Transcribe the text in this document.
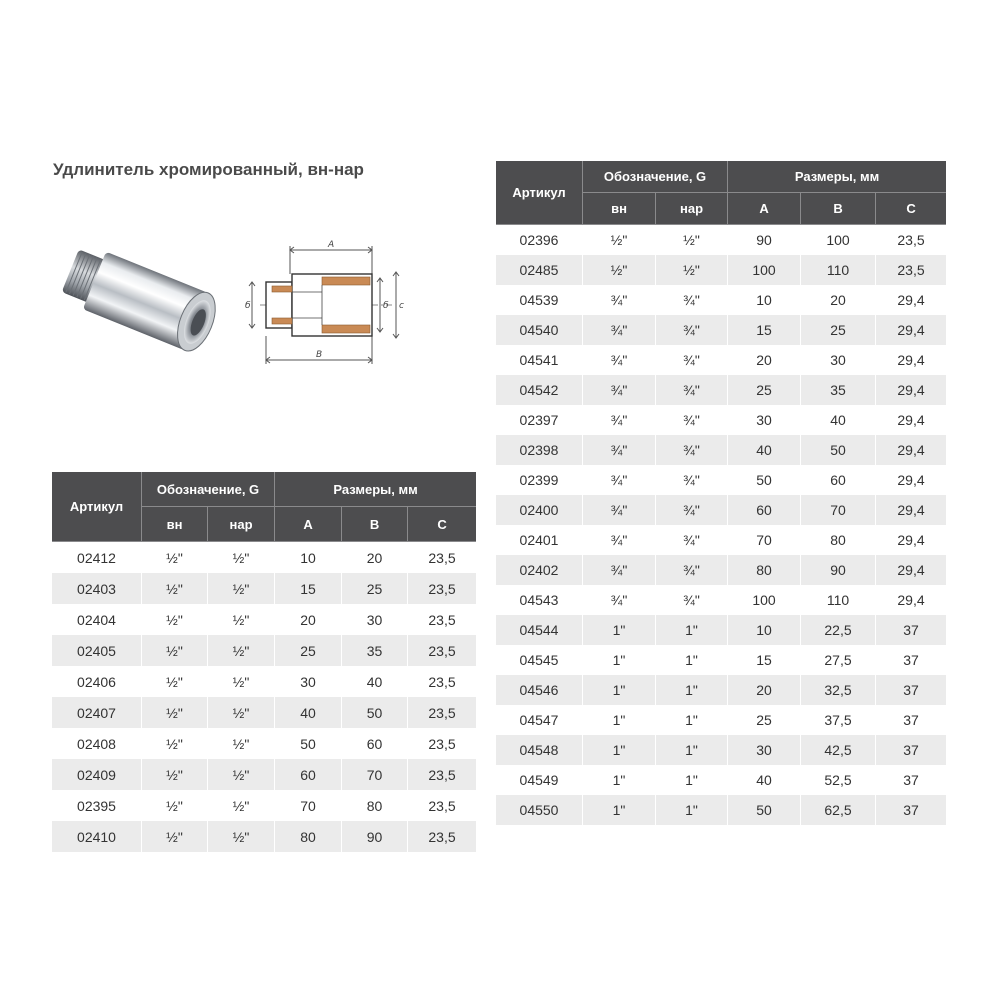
Удлинитель хромированный, вн-нар
A
B
б	б с
Артикул	Обозначение, G		Размеры, мм		
	вн	нар	A	B	C
02412	½"	½"	10	20	23,5
02403	½"	½"	15	25	23,5
02404	½"	½"	20	30	23,5
02405	½"	½"	25	35	23,5
02406	½"	½"	30	40	23,5
02407	½"	½"	40	50	23,5
02408	½"	½"	50	60	23,5
02409	½"	½"	60	70	23,5
02395	½"	½"	70	80	23,5
02410	½"	½"	80	90	23,5
Артикул	Обозначение, G		Размеры, мм		
	вн	нар	A	B	C
02396	½"	½"	90	100	23,5
02485	½"	½"	100	110	23,5
04539	¾"	¾"	10	20	29,4
04540	¾"	¾"	15	25	29,4
04541	¾"	¾"	20	30	29,4
04542	¾"	¾"	25	35	29,4
02397	¾"	¾"	30	40	29,4
02398	¾"	¾"	40	50	29,4
02399	¾"	¾"	50	60	29,4
02400	¾"	¾"	60	70	29,4
02401	¾"	¾"	70	80	29,4
02402	¾"	¾"	80	90	29,4
04543	¾"	¾"	100	110	29,4
04544	1"	1"	10	22,5	37
04545	1"	1"	15	27,5	37
04546	1"	1"	20	32,5	37
04547	1"	1"	25	37,5	37
04548	1"	1"	30	42,5	37
04549	1"	1"	40	52,5	37
04550	1"	1"	50	62,5	37
